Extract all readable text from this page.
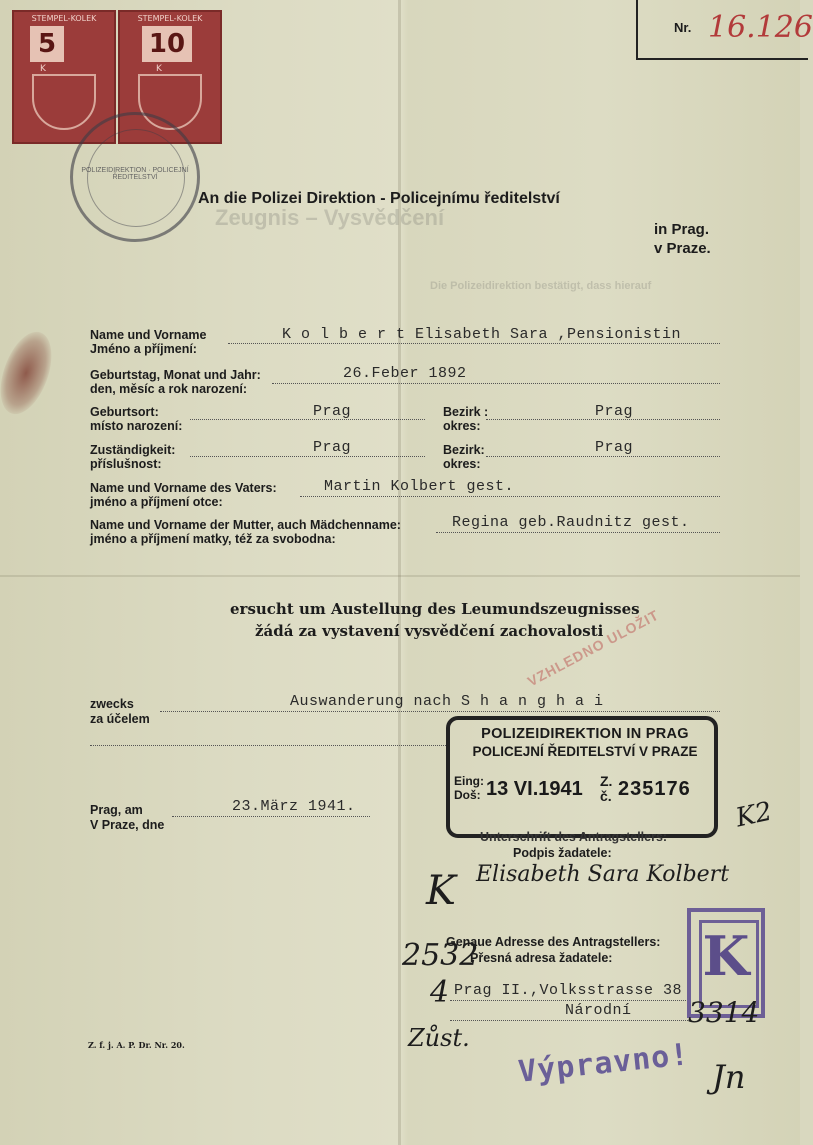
Nr. 16.126
STEMPEL-KOLEK
5
K
STEMPEL-KOLEK
10
K
POLIZEIDIREKTION · POLICEJNÍ ŘEDITELSTVÍ
Zeugnis – Vysvědčení
Die Polizeidirektion bestätigt, dass hierauf
An die Polizei Direktion - Policejnímu ředitelství
in Prag.
v Praze.
Name und Vorname
Jméno a příjmení:
K o l b e r t Elisabeth Sara ,Pensionistin
Geburtstag, Monat und Jahr:
den, měsíc a rok narození:
26.Feber 1892
Geburtsort:
místo narození:
Prag	Bezirk :
okres:
Prag
Zuständigkeit:
příslušnost:
Prag	Bezirk:
okres:
Prag
Name und Vorname des Vaters:
jméno a příjmení otce:
Martin Kolbert gest.
Name und Vorname der Mutter, auch Mädchenname:
jméno a příjmení matky, též za svobodna:
Regina geb.Raudnitz gest.
ersucht um Austellung des Leumundszeugnisses
žádá za vystavení vysvědčení zachovalosti
VZHLEDNO ULOŽIT
zwecks
za účelem
Auswanderung nach S h a n g h a i
POLIZEIDIREKTION IN PRAG
POLICEJNÍ ŘEDITELSTVÍ V PRAZE
Eing:
Doš: 13 VI.1941 Z.
č. 235176
Prag, am
V Praze, dne
23.März 1941.
Unterschrift des Antragstellers:
Podpis žadatele:
Elisabeth Sara Kolbert
K
K2
Genaue Adresse des Antragstellers:
Přesná adresa žadatele:
2532
4 Prag II.,Volksstrasse 38
Národní
Zůst.
K
3314
Výpravno! Jn
Z. f. j. A. P. Dr. Nr. 20.
